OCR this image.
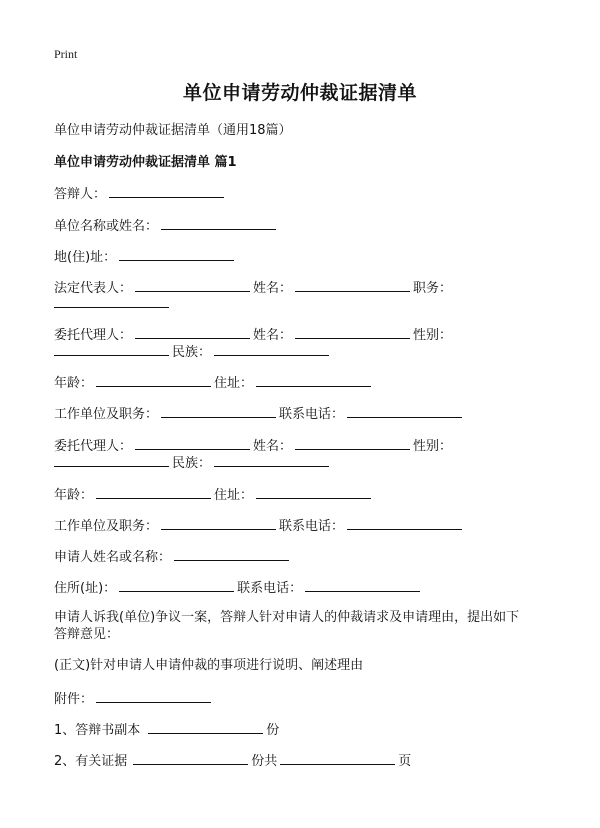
Print
单位申请劳动仲裁证据清单
单位申请劳动仲裁证据清单（通用18篇）
单位申请劳动仲裁证据清单 篇1
答辩人：
单位名称或姓名：
地(住)址：
法定代表人：	姓名：	职务：
委托代理人：	姓名：	性别：
民族：
年龄：	住址：
工作单位及职务：	联系电话：
委托代理人：	姓名：	性别：
民族：
年龄：	住址：
工作单位及职务：	联系电话：
申请人姓名或名称：
住所(址)：	联系电话：
申请人诉我(单位)争议一案，答辩人针对申请人的仲裁请求及申请理由，提出如下
答辩意见：
(正文)针对申请人申请仲裁的事项进行说明、阐述理由
附件：
1、答辩书副本	份
2、有关证据	份共	页
